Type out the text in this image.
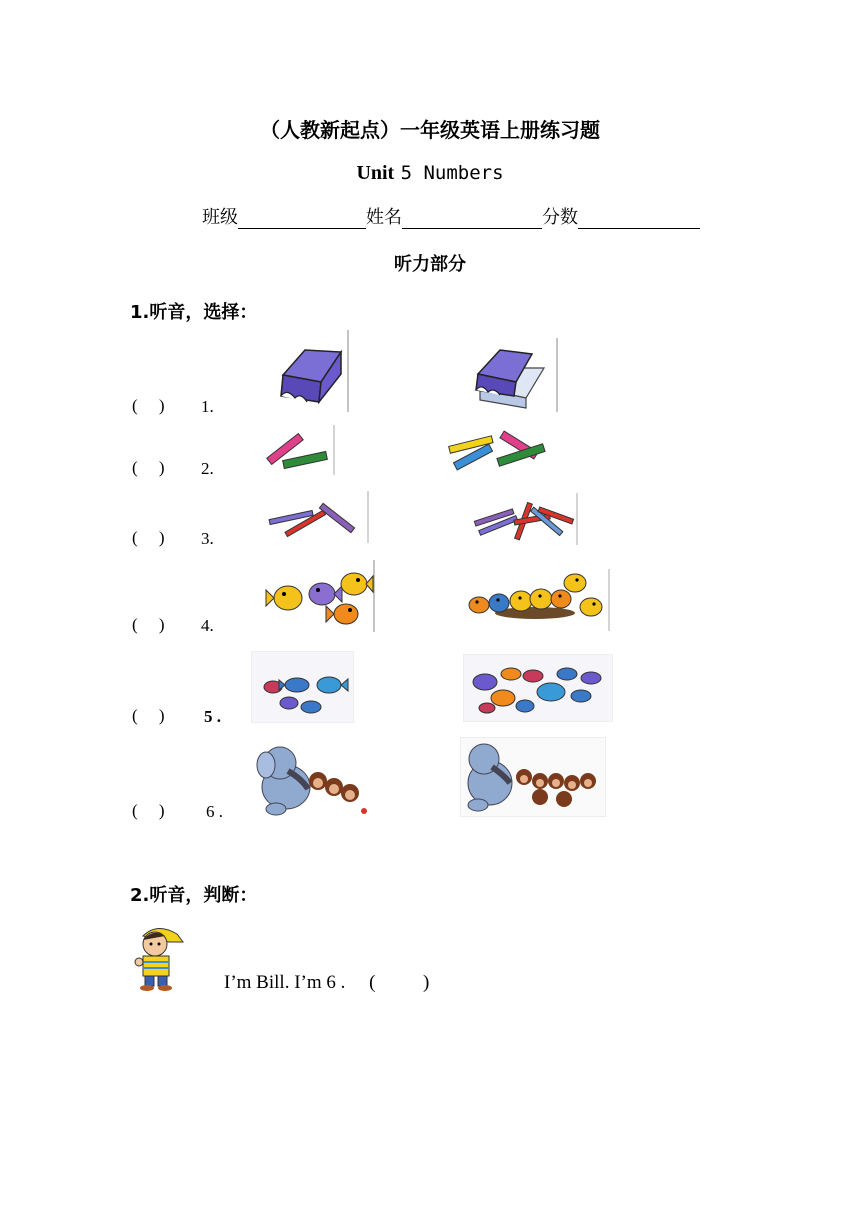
（人教新起点）一年级英语上册练习题
Unit 5 Numbers
班级	姓名	分数
听力部分
1.听音，选择：
(     ) 1.
(     ) 2.
(     ) 3.
(     ) 4.
(     ) 5 .
(     ) 6 .
2.听音，判断：
I’m Bill. I’m 6 . (          )
